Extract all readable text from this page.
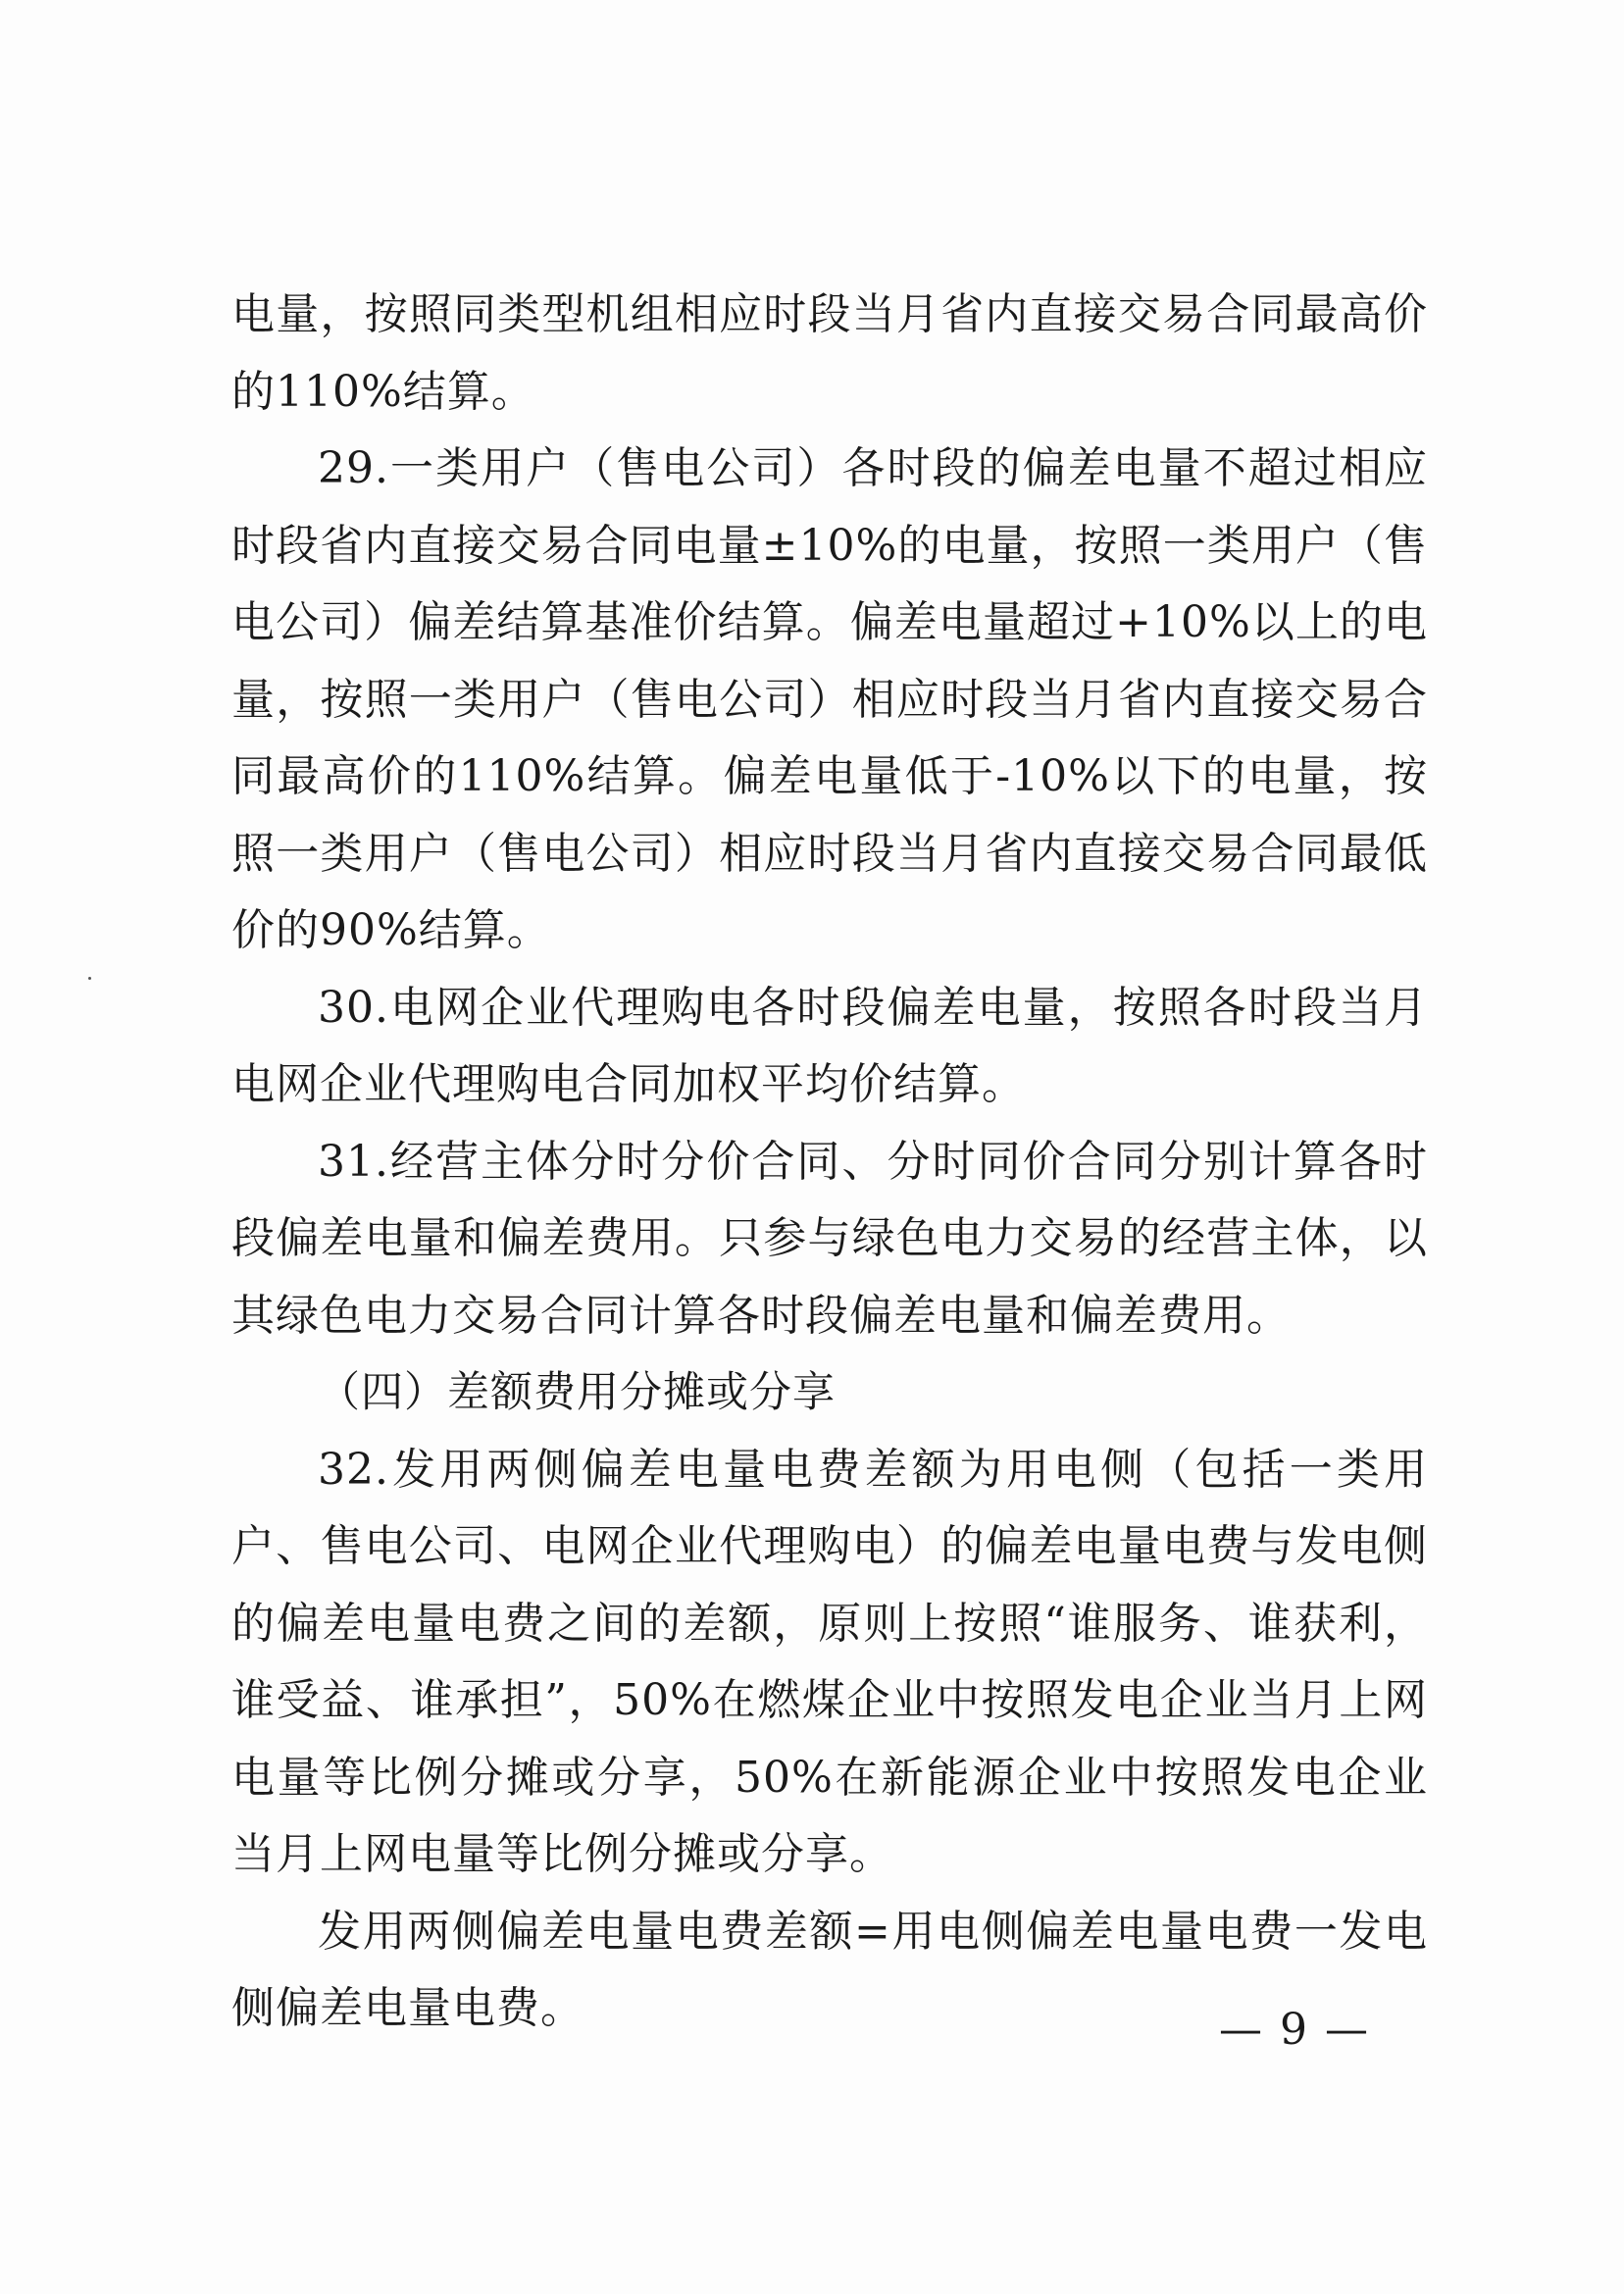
电量，按照同类型机组相应时段当月省内直接交易合同最高价的110%结算。

29.一类用户（售电公司）各时段的偏差电量不超过相应时段省内直接交易合同电量±10%的电量，按照一类用户（售电公司）偏差结算基准价结算。偏差电量超过+10%以上的电量，按照一类用户（售电公司）相应时段当月省内直接交易合同最高价的110%结算。偏差电量低于-10%以下的电量，按照一类用户（售电公司）相应时段当月省内直接交易合同最低价的90%结算。

30.电网企业代理购电各时段偏差电量，按照各时段当月电网企业代理购电合同加权平均价结算。

31.经营主体分时分价合同、分时同价合同分别计算各时段偏差电量和偏差费用。只参与绿色电力交易的经营主体，以其绿色电力交易合同计算各时段偏差电量和偏差费用。

（四）差额费用分摊或分享

32.发用两侧偏差电量电费差额为用电侧（包括一类用户、售电公司、电网企业代理购电）的偏差电量电费与发电侧的偏差电量电费之间的差额，原则上按照“谁服务、谁获利，谁受益、谁承担”，50%在燃煤企业中按照发电企业当月上网电量等比例分摊或分享，50%在新能源企业中按照发电企业当月上网电量等比例分摊或分享。

发用两侧偏差电量电费差额=用电侧偏差电量电费一发电侧偏差电量电费。	— 9 —
